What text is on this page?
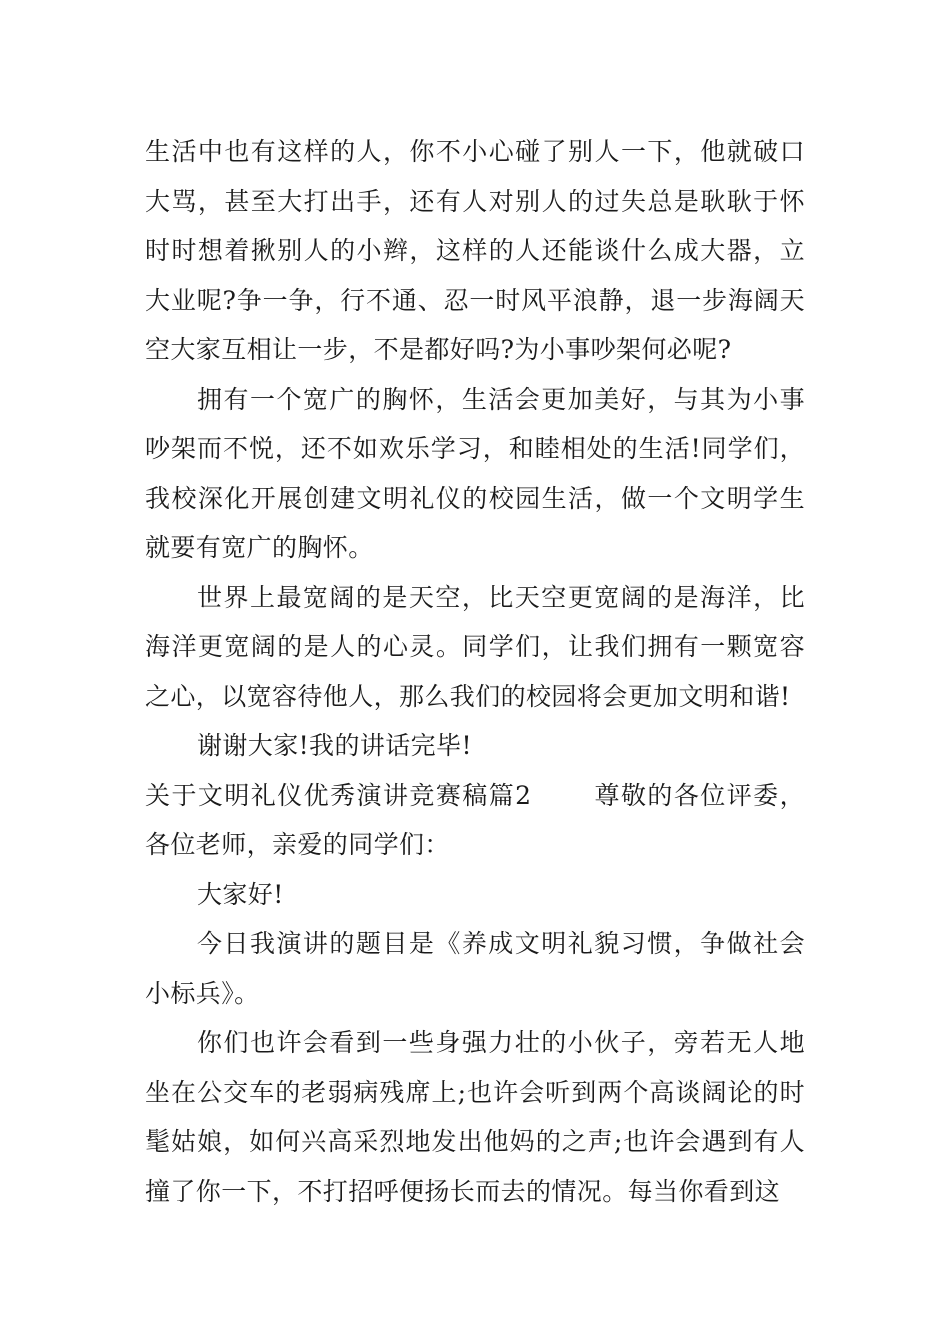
生活中也有这样的人，你不小心碰了别人一下，他就破口大骂，甚至大打出手，还有人对别人的过失总是耿耿于怀时时想着揪别人的小辫，这样的人还能谈什么成大器，立大业呢?争一争，行不通、忍一时风平浪静，退一步海阔天空大家互相让一步，不是都好吗?为小事吵架何必呢?

拥有一个宽广的胸怀，生活会更加美好，与其为小事吵架而不悦，还不如欢乐学习，和睦相处的生活!同学们，我校深化开展创建文明礼仪的校园生活，做一个文明学生就要有宽广的胸怀。

世界上最宽阔的是天空，比天空更宽阔的是海洋，比海洋更宽阔的是人的心灵。同学们，让我们拥有一颗宽容之心，以宽容待他人，那么我们的校园将会更加文明和谐!

谢谢大家!我的讲话完毕!

关于文明礼仪优秀演讲竞赛稿篇2 尊敬的各位评委，各位老师，亲爱的同学们：

大家好!

今日我演讲的题目是《养成文明礼貌习惯，争做社会小标兵》。

你们也许会看到一些身强力壮的小伙子，旁若无人地坐在公交车的老弱病残席上;也许会听到两个高谈阔论的时髦姑娘，如何兴高采烈地发出他妈的之声;也许会遇到有人撞了你一下，不打招呼便扬长而去的情况。每当你看到这
